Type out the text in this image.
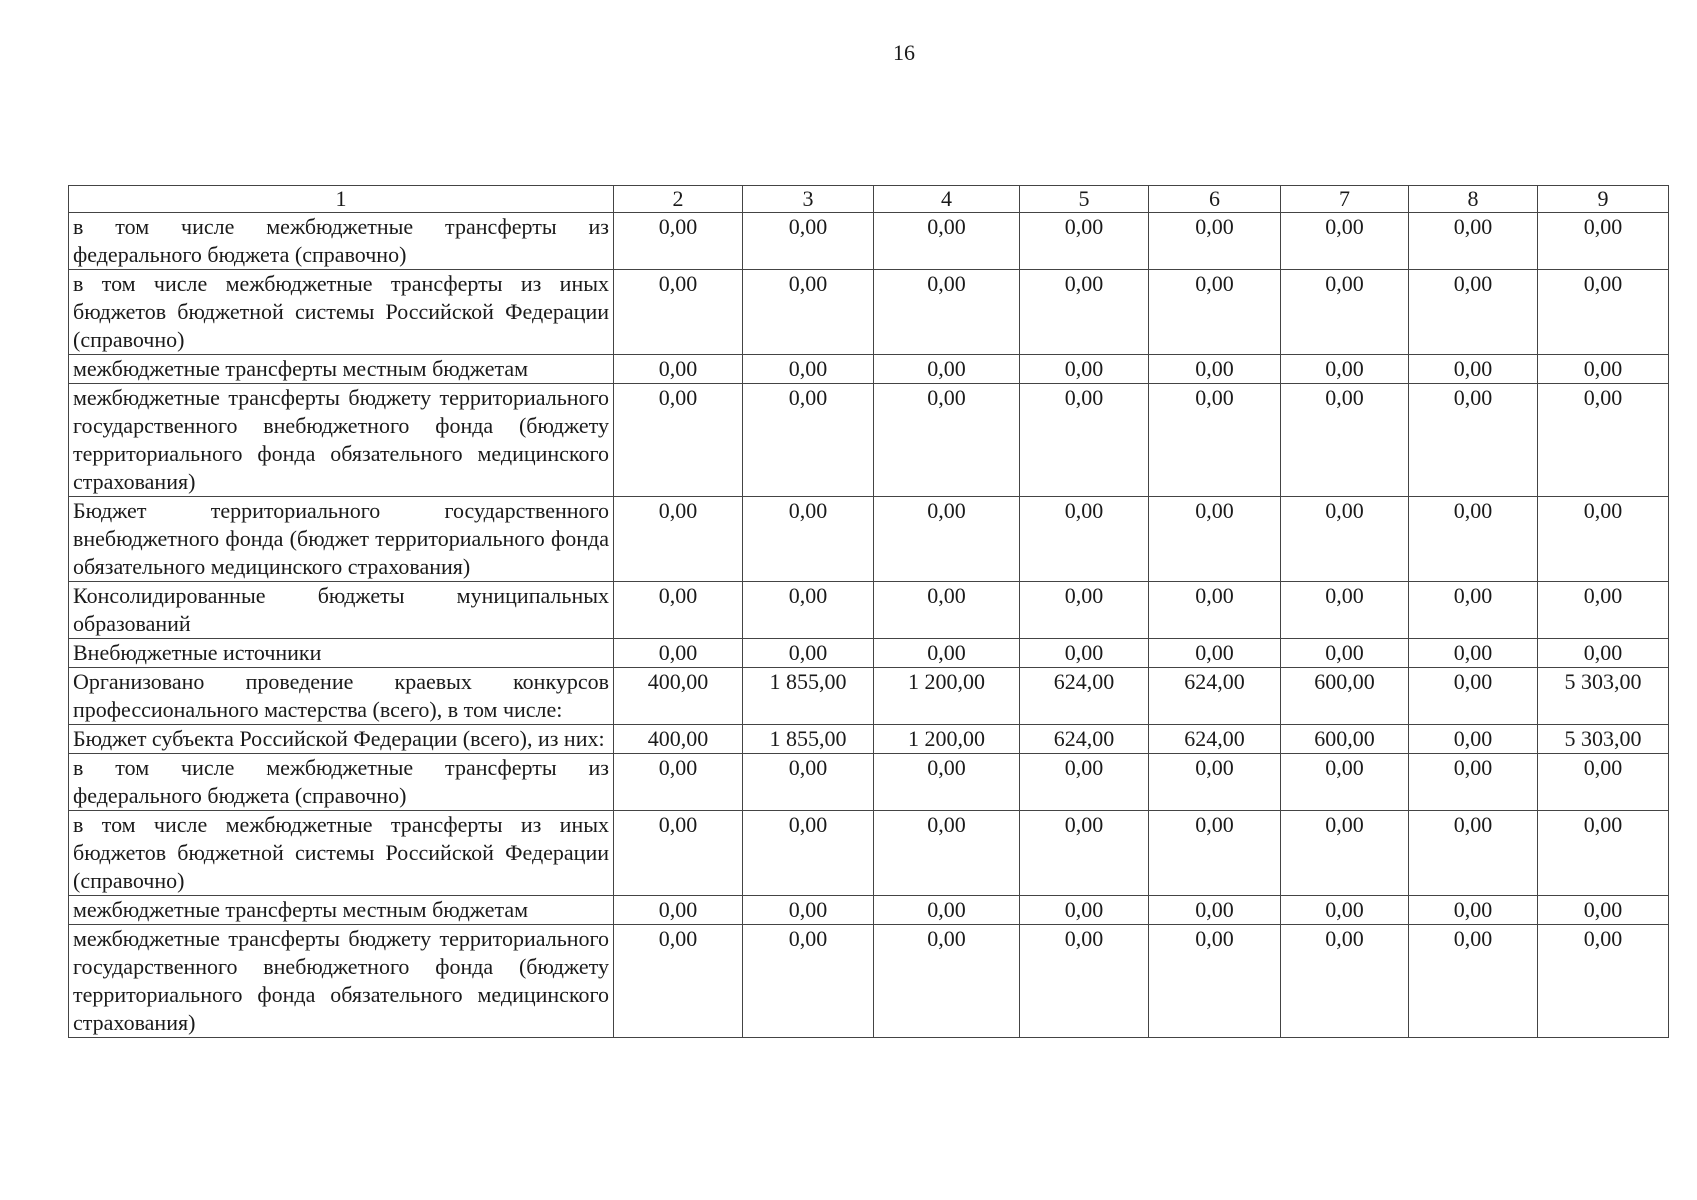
16
1	2	3	4	5	6	7	8	9
в том числе межбюджетные трансферты из федерального бюджета (справочно)	0,00	0,00	0,00	0,00	0,00	0,00	0,00	0,00
в том числе межбюджетные трансферты из иных бюджетов бюджетной системы Российской Федерации (справочно)	0,00	0,00	0,00	0,00	0,00	0,00	0,00	0,00
межбюджетные трансферты местным бюджетам	0,00	0,00	0,00	0,00	0,00	0,00	0,00	0,00
межбюджетные трансферты бюджету территориального государственного внебюджетного фонда (бюджету территориального фонда обязательного медицинского страхования)	0,00	0,00	0,00	0,00	0,00	0,00	0,00	0,00
Бюджет территориального государственного внебюджетного фонда (бюджет территориального фонда обязательного медицинского страхования)	0,00	0,00	0,00	0,00	0,00	0,00	0,00	0,00
Консолидированные бюджеты муниципальных образований	0,00	0,00	0,00	0,00	0,00	0,00	0,00	0,00
Внебюджетные источники	0,00	0,00	0,00	0,00	0,00	0,00	0,00	0,00
Организовано проведение краевых конкурсов профессионального мастерства (всего), в том числе:	400,00	1 855,00	1 200,00	624,00	624,00	600,00	0,00	5 303,00
Бюджет субъекта Российской Федерации (всего), из них:	400,00	1 855,00	1 200,00	624,00	624,00	600,00	0,00	5 303,00
в том числе межбюджетные трансферты из федерального бюджета (справочно)	0,00	0,00	0,00	0,00	0,00	0,00	0,00	0,00
в том числе межбюджетные трансферты из иных бюджетов бюджетной системы Российской Федерации (справочно)	0,00	0,00	0,00	0,00	0,00	0,00	0,00	0,00
межбюджетные трансферты местным бюджетам	0,00	0,00	0,00	0,00	0,00	0,00	0,00	0,00
межбюджетные трансферты бюджету территориального государственного внебюджетного фонда (бюджету территориального фонда обязательного медицинского страхования)	0,00	0,00	0,00	0,00	0,00	0,00	0,00	0,00
